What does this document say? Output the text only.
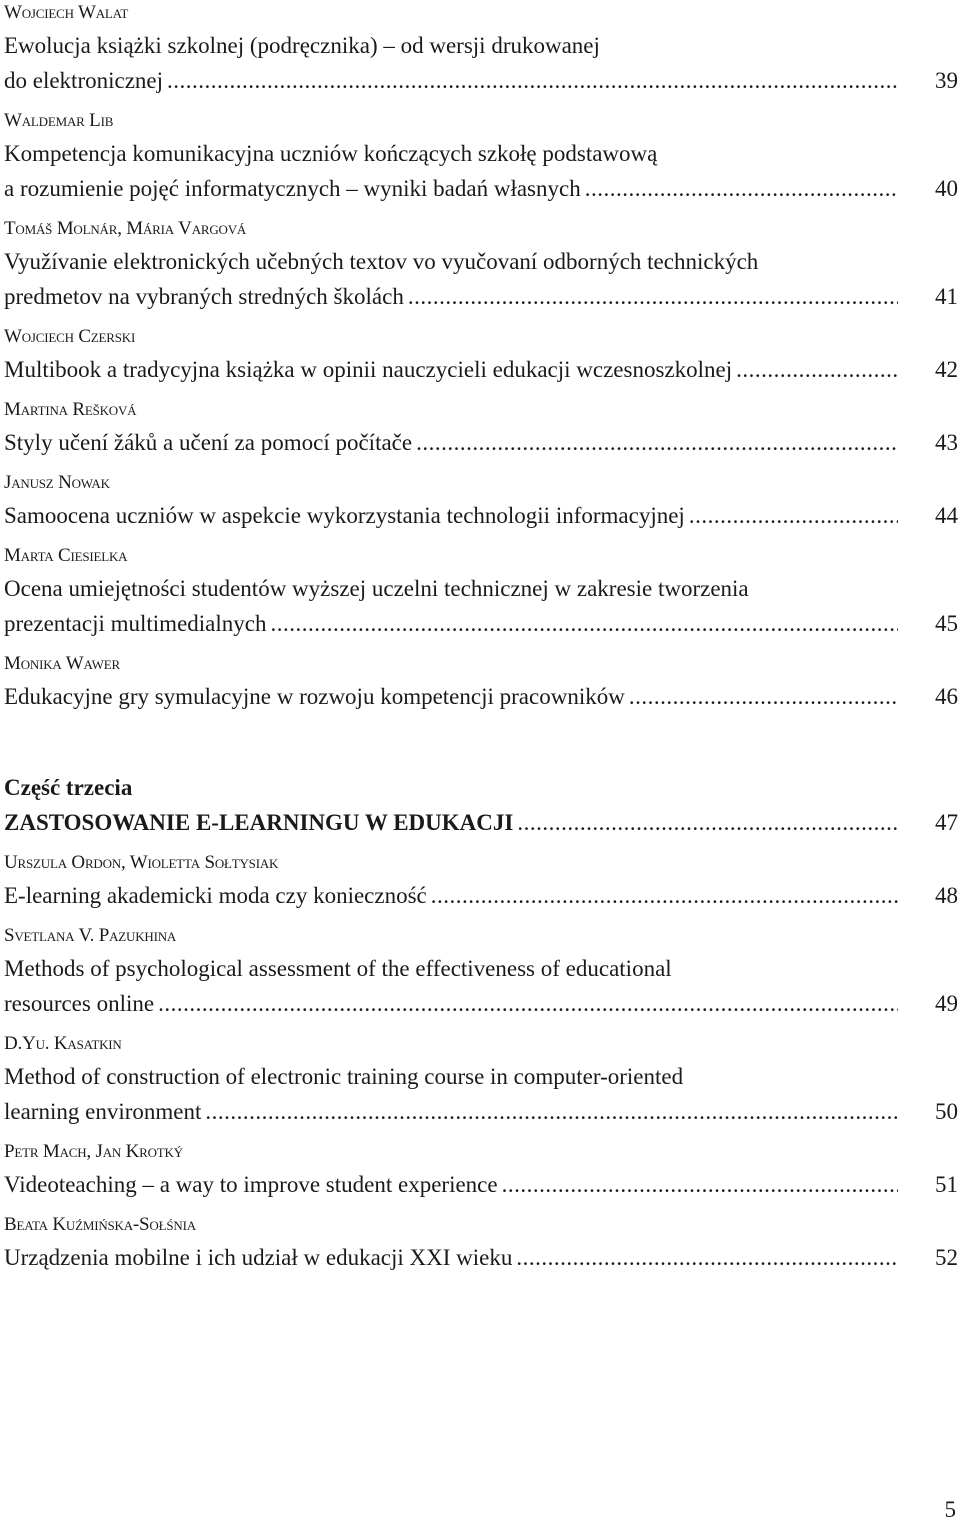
Wojciech Walat
Ewolucja książki szkolnej (podręcznika) – od wersji drukowanej
do elektronicznej .....	39
Waldemar Lib
Kompetencja komunikacyjna uczniów kończących szkołę podstawową
a rozumienie pojęć informatycznych – wyniki badań własnych .....	40
Tomáš Molnár, Mária Vargová
Využívanie elektronických učebných textov vo vyučovaní odborných technických
predmetov na vybraných stredných školách .....	41
Wojciech Czerski
Multibook a tradycyjna książka w opinii nauczycieli edukacji wczesnoszkolnej .....	42
Martina Rešková
Styly učení žáků a učení za pomocí počítače .....	43
Janusz Nowak
Samoocena uczniów w aspekcie wykorzystania technologii informacyjnej .....	44
Marta Ciesielka
Ocena umiejętności studentów wyższej uczelni technicznej w zakresie tworzenia
prezentacji multimedialnych .....	45
Monika Wawer
Edukacyjne gry symulacyjne w rozwoju kompetencji pracowników .....	46
Część trzecia
ZASTOSOWANIE E-LEARNINGU W EDUKACJI .....	47
Urszula Ordon, Wioletta Sołtysiak
E-learning akademicki moda czy konieczność .....	48
Svetlana V. Pazukhina
Methods of psychological assessment of the effectiveness of educational
resources online .....	49
D.Yu. Kasatkin
Method of construction of electronic training course in computer-oriented
learning environment .....	50
Petr Mach, Jan Krotký
Videoteaching – a way to improve student experience .....	51
Beata Kuźmińska-Sołśnia
Urządzenia mobilne i ich udział w edukacji XXI wieku .....	52
5
